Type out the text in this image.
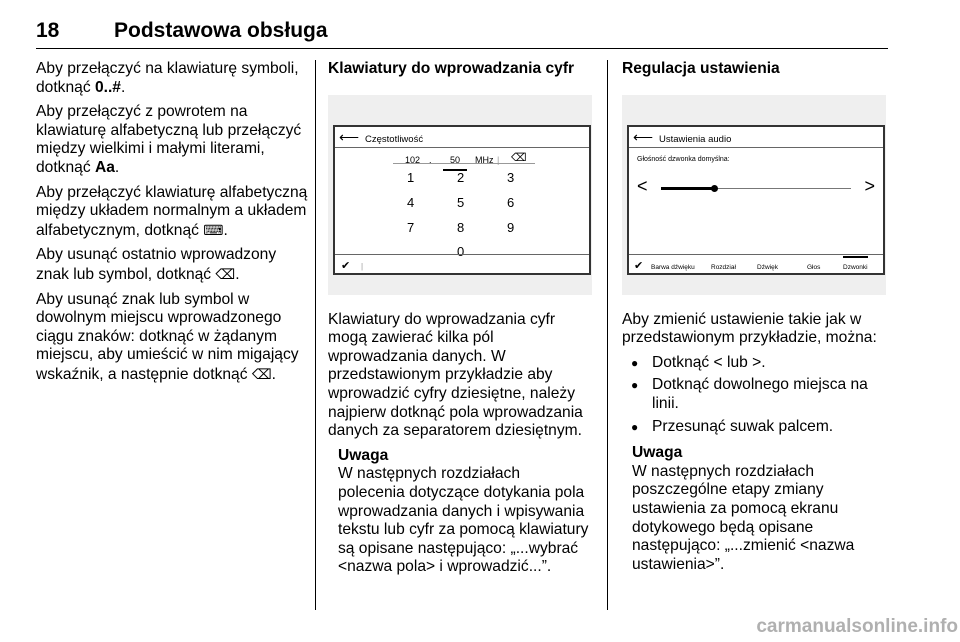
18	Podstawowa obsługa

Aby przełączyć na klawiaturę symboli, dotknąć 0..#.

Aby przełączyć z powrotem na klawiaturę alfabetyczną lub przełączyć między wielkimi i małymi literami, dotknąć Aa.

Aby przełączyć klawiaturę alfabetyczną między układem normalnym a układem alfabetycznym, dotknąć ⌨.

Aby usunąć ostatnio wprowadzony znak lub symbol, dotknąć ⌫.

Aby usunąć znak lub symbol w dowolnym miejscu wprowadzonego ciągu znaków: dotknąć w żądanym miejscu, aby umieścić w nim migający wskaźnik, a następnie dotknąć ⌫.

Klawiatury do wprowadzania cyfr

⟵ Częstotliwość
102 .	50	MHz | ⌫
1	2	3
4	5	6
7	8	9
0
✔ |

Klawiatury do wprowadzania cyfr mogą zawierać kilka pól wprowadzania danych. W przedstawionym przykładzie aby wprowadzić cyfry dziesiętne, należy najpierw dotknąć pola wprowadzania danych za separatorem dziesiętnym.

Uwaga
W następnych rozdziałach polecenia dotyczące dotykania pola wprowadzania danych i wpisywania tekstu lub cyfr za pomocą klawiatury są opisane następująco: „...wybrać <nazwa pola> i wprowadzić...”.

Regulacja ustawienia

⟵ Ustawienia audio
Głośność dzwonka domyślna:
<	>
✔ Barwa dźwięku	Rozdział	Dźwięk	Głos	Dzwonki

Aby zmienić ustawienie takie jak w przedstawionym przykładzie, można:

● Dotknąć < lub >.
● Dotknąć dowolnego miejsca na linii.
● Przesunąć suwak palcem.
Uwaga
W następnych rozdziałach poszczególne etapy zmiany ustawienia za pomocą ekranu dotykowego będą opisane następująco: „...zmienić <nazwa ustawienia>”.
carmanualsonline.info
